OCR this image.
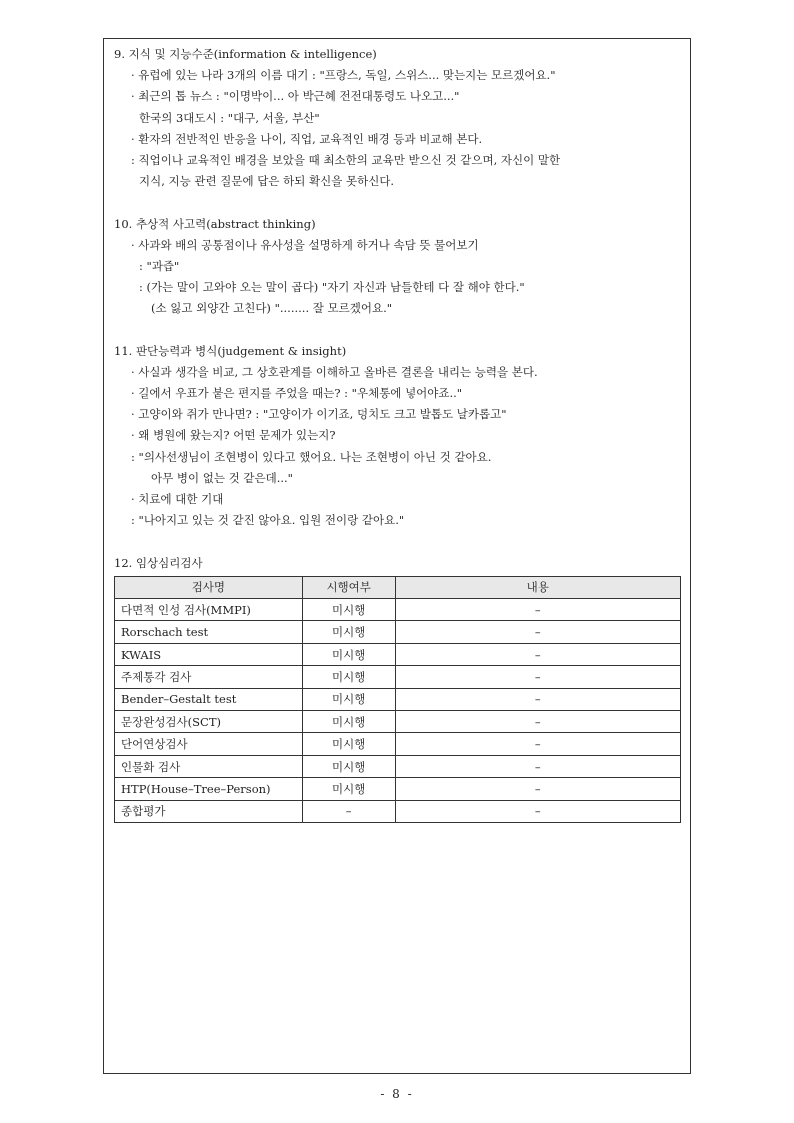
9. 지식 및 지능수준(information & intelligence)
· 유럽에 있는 나라 3개의 이름 대기 : "프랑스, 독일, 스위스... 맞는지는 모르겠어요."
· 최근의 톱 뉴스 : "이명박이... 아 박근혜 전전대통령도 나오고..."
한국의 3대도시 : "대구, 서울, 부산"
· 환자의 전반적인 반응을 나이, 직업, 교육적인 배경 등과 비교해 본다.
: 직업이나 교육적인 배경을 보았을 때 최소한의 교육만 받으신 것 같으며, 자신이 말한
지식, 지능 관련 질문에 답은 하되 확신을 못하신다.
10. 추상적 사고력(abstract thinking)
· 사과와 배의 공통점이나 유사성을 설명하게 하거나 속담 뜻 물어보기
: "과즙"
: (가는 말이 고와야 오는 말이 곱다) "자기 자신과 남들한테 다 잘 해야 한다."
(소 잃고 외양간 고친다) "........ 잘 모르겠어요."
11. 판단능력과 병식(judgement & insight)
· 사실과 생각을 비교, 그 상호관계를 이해하고 올바른 결론을 내리는 능력을 본다.
· 길에서 우표가 붙은 편지를 주었을 때는? : "우체통에 넣어야죠.."
· 고양이와 쥐가 만나면? : "고양이가 이기죠, 덩치도 크고 발톱도 날카롭고"
· 왜 병원에 왔는지? 어떤 문제가 있는지?
: "의사선생님이 조현병이 있다고 했어요. 나는 조현병이 아닌 것 같아요.
아무 병이 없는 것 같은데..."
· 치료에 대한 기대
: "나아지고 있는 것 같진 않아요. 입원 전이랑 같아요."
12. 임상심리검사
검사명	시행여부	내용
다면적 인성 검사(MMPI)	미시행	–
Rorschach test	미시행	–
KWAIS	미시행	–
주제통각 검사	미시행	–
Bender–Gestalt test	미시행	–
문장완성검사(SCT)	미시행	–
단어연상검사	미시행	–
인물화 검사	미시행	–
HTP(House–Tree–Person)	미시행	–
종합평가	–	–
- 8 -
